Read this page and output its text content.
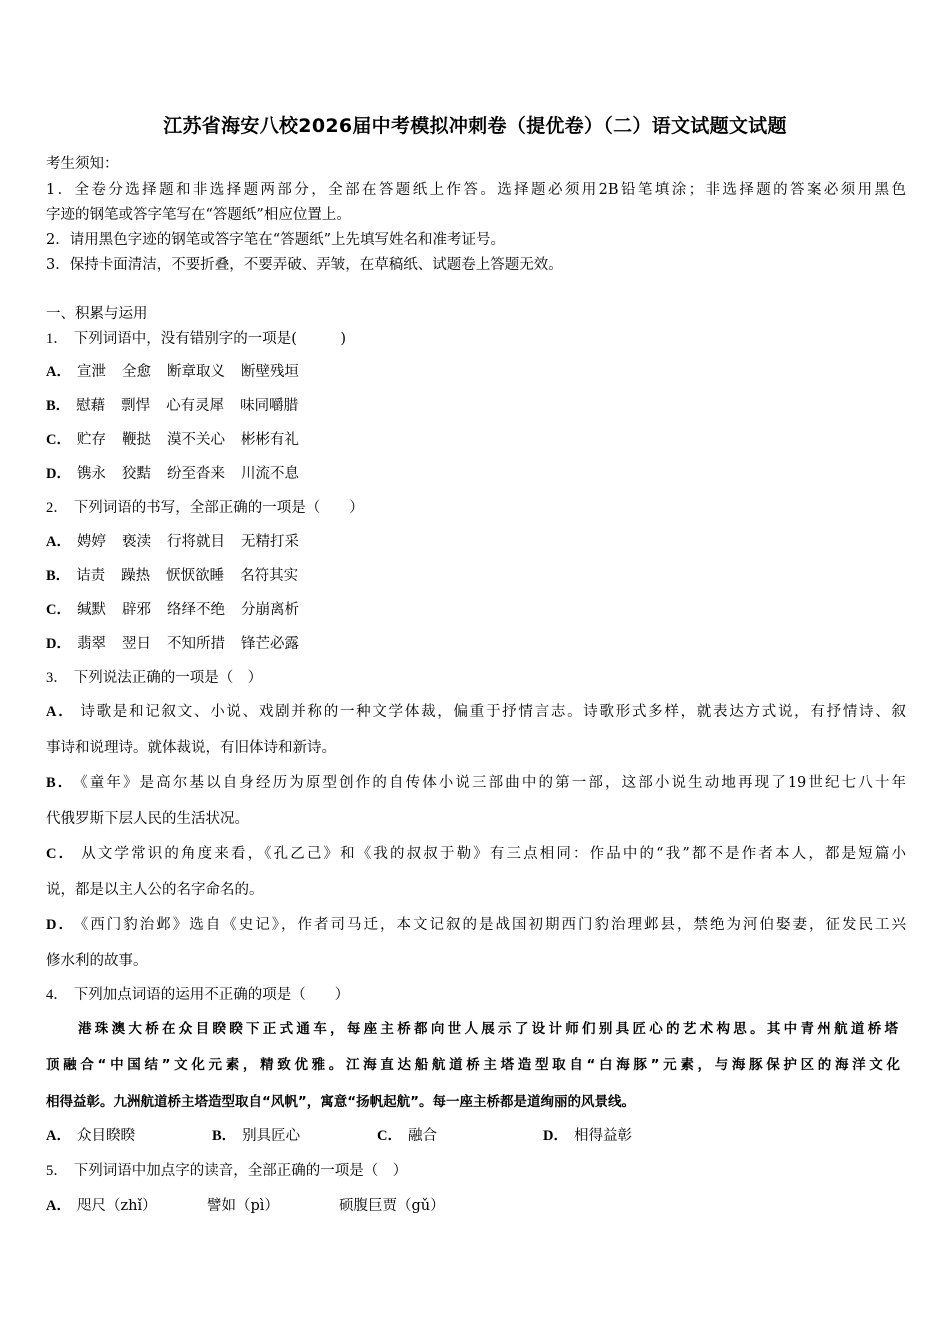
江苏省海安八校2026届中考模拟冲刺卷（提优卷）（二）语文试题文试题
考生须知：
1．全卷分选择题和非选择题两部分，全部在答题纸上作答。选择题必须用2B铅笔填涂；非选择题的答案必须用黑色
字迹的钢笔或答字笔写在“答题纸”相应位置上。
2．请用黑色字迹的钢笔或答字笔在“答题纸”上先填写姓名和准考证号。
3．保持卡面清洁，不要折叠，不要弄破、弄皱，在草稿纸、试题卷上答题无效。
一、积累与运用
1． 下列词语中，没有错别字的一项是(　　　)
A． 宣泄 全愈 断章取义 断壁残垣
B． 慰藉 剽悍 心有灵犀 味同嚼腊
C． 贮存 鞭挞 漠不关心 彬彬有礼
D． 镌永 狡黠 纷至沓来 川流不息
2． 下列词语的书写，全部正确的一项是（　　）
A． 娉婷 亵渎 行将就目 无精打采
B． 诘责 躁热 恹恹欲睡 名符其实
C． 缄默 辟邪 络绎不绝 分崩离析
D． 翡翠 翌日 不知所措 锋芒必露
3． 下列说法正确的一项是（　）
A． 诗歌是和记叙文、小说、戏剧并称的一种文学体裁，偏重于抒情言志。诗歌形式多样，就表达方式说，有抒情诗、叙
事诗和说理诗。就体裁说，有旧体诗和新诗。
B． 《童年》是高尔基以自身经历为原型创作的自传体小说三部曲中的第一部，这部小说生动地再现了19世纪七八十年
代俄罗斯下层人民的生活状况。
C． 从文学常识的角度来看，《孔乙己》和《我的叔叔于勒》有三点相同：作品中的“我”都不是作者本人，都是短篇小
说，都是以主人公的名字命名的。
D． 《西门豹治邺》选自《史记》，作者司马迁，本文记叙的是战国初期西门豹治理邺县，禁绝为河伯娶妻，征发民工兴
修水利的故事。
4． 下列加点词语的运用不正确的项是（　　）
港珠澳大桥在众目睽睽下正式通车，每座主桥都向世人展示了设计师们别具匠心的艺术构思。其中青州航道桥塔
顶融合“中国结”文化元素，精致优雅。江海直达船航道桥主塔造型取自“白海豚”元素，与海豚保护区的海洋文化
相得益彰。九洲航道桥主塔造型取自“风帆”，寓意“扬帆起航”。每一座主桥都是道绚丽的风景线。
A． 众目睽睽	B． 别具匠心	C． 融合	D． 相得益彰
5． 下列词语中加点字的读音，全部正确的一项是（　）
A． 咫尺（zhǐ）	譬如（pì）	硕腹巨贾（gǔ）
